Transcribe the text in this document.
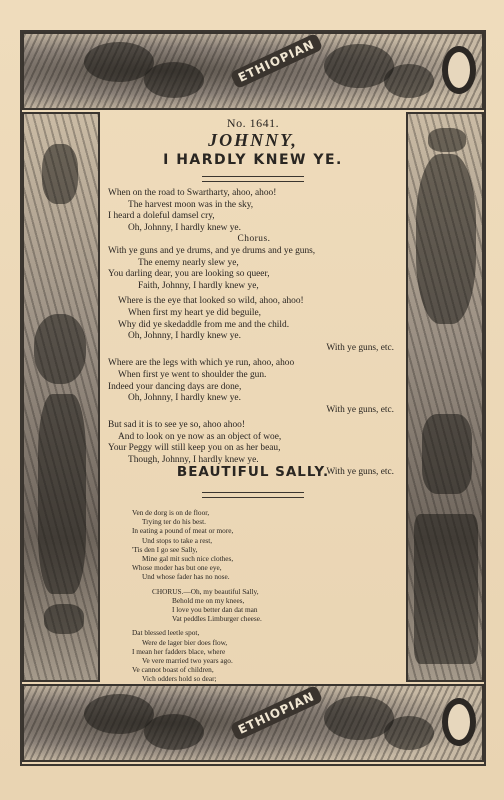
ETHIOPIAN
No. 1641.
JOHNNY,
I HARDLY KNEW YE.
When on the road to Swartharty, ahoo, ahoo!
The harvest moon was in the sky,
I heard a doleful damsel cry,
Oh, Johnny, I hardly knew ye.
Chorus.
With ye guns and ye drums, and ye drums and ye guns,
The enemy nearly slew ye,
You darling dear, you are looking so queer,
Faith, Johnny, I hardly knew ye,
Where is the eye that looked so wild, ahoo, ahoo!
When first my heart ye did beguile,
Why did ye skedaddle from me and the child.
Oh, Johnny, I hardly knew ye.
With ye guns, etc.
Where are the legs with which ye run, ahoo, ahoo
When first ye went to shoulder the gun.
Indeed your dancing days are done,
Oh, Johnny, I hardly knew ye.
With ye guns, etc.
But sad it is to see ye so, ahoo ahoo!
And to look on ye now as an object of woe,
Your Peggy will still keep you on as her beau,
Though, Johnny, I hardly knew ye.
With ye guns, etc.
BEAUTIFUL SALLY.
Ven de dorg is on de floor,
Trying ter do his best.
In eating a pound of meat or more,
Und stops to take a rest,
'Tis den I go see Sally,
Mine gal mit such nice clothes,
Whose moder has but one eye,
Und whose fader has no nose.
CHORUS.—Oh, my beautiful Sally,
Behold me on my knees,
I love you better dan dat man
Vat peddles Limburger cheese.
Dat blessed leetle spot,
Were de lager bier does flow,
I mean her fadders blace, where
Ve vere married two years ago.
Ve cannot boast of children,
Vich odders hold so dear;
ETHIOPIAN
